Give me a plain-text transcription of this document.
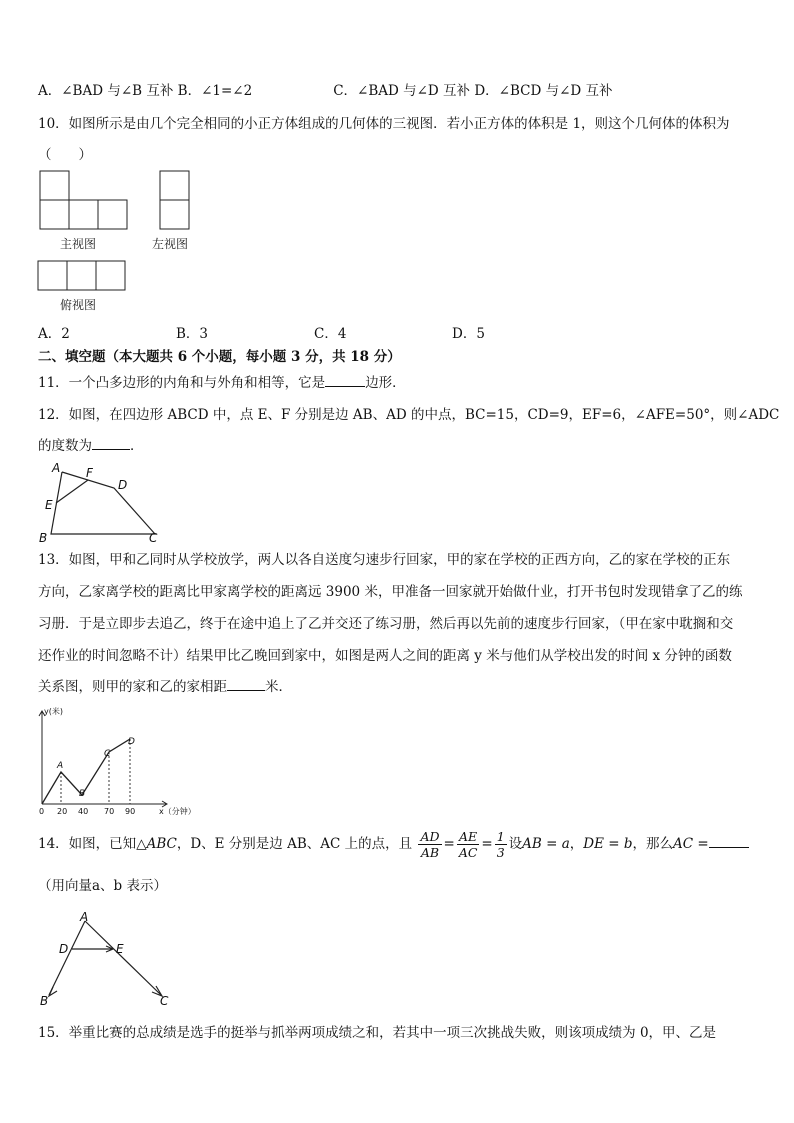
A．∠BAD 与∠B 互补 B．∠1=∠2　　　　　　C．∠BAD 与∠D 互补 D．∠BCD 与∠D 互补
10．如图所示是由几个完全相同的小正方体组成的几何体的三视图．若小正方体的体积是 1，则这个几何体的体积为
（　　）
主视图	左视图
俯视图
A．2	B．3	C．4	D．5
二、填空题（本大题共 6 个小题，每小题 3 分，共 18 分）
11．一个凸多边形的内角和与外角和相等，它是	边形．
12．如图，在四边形 ABCD 中，点 E、F 分别是边 AB、AD 的中点，BC=15，CD=9，EF=6，∠AFE=50°，则∠ADC
的度数为	．
A F
D
E
B	C
13．如图，甲和乙同时从学校放学，两人以各自送度匀速步行回家，甲的家在学校的正西方向，乙的家在学校的正东
方向，乙家离学校的距离比甲家离学校的距离远 3900 米，甲准备一回家就开始做什业，打开书包时发现错拿了乙的练
习册．于是立即步去追乙，终于在途中追上了乙并交还了练习册，然后再以先前的速度步行回家，（甲在家中耽搁和交
还作业的时间忽略不计）结果甲比乙晚回到家中，如图是两人之间的距离 y 米与他们从学校出发的时间 x 分钟的函数
关系图，则甲的家和乙的家相距	米．
y(米)
x（分钟）
0 20 40 70 90
A
B
C
D
14．如图，已知△ABC，D、E 分别是边 AB、AC 上的点，且 $\frac{AD}{AB} = \frac{AE}{AC} = \frac{1}{3}$ 设AB = a，DE = b，那么AC =
（用向量a、b 表示）
A
D	E
B	C
15．举重比赛的总成绩是选手的挺举与抓举两项成绩之和，若其中一项三次挑战失败，则该项成绩为 0，甲、乙是
